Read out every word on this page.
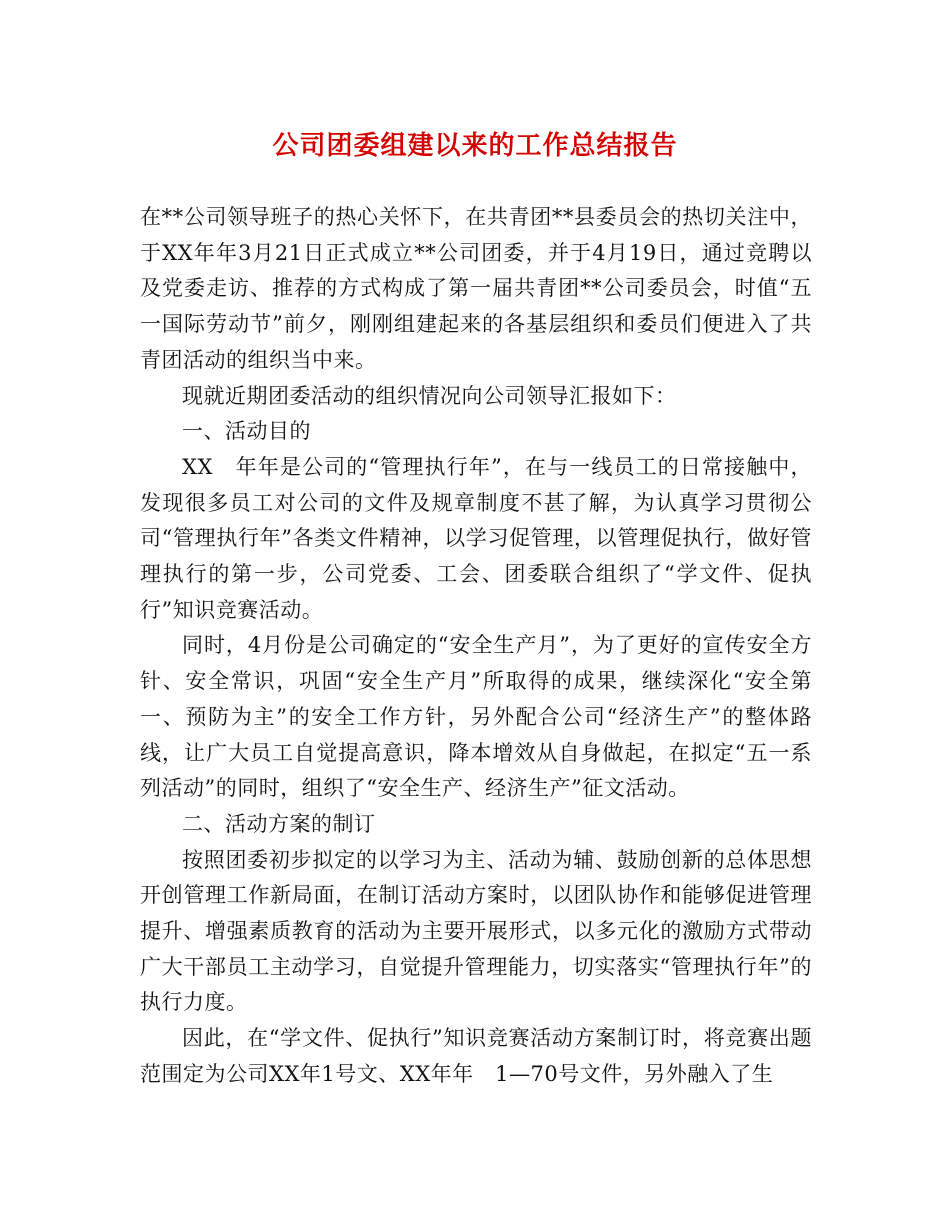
公司团委组建以来的工作总结报告

在**公司领导班子的热心关怀下，在共青团**县委员会的热切关注中，于XX年年3月21日正式成立**公司团委，并于4月19日，通过竞聘以及党委走访、推荐的方式构成了第一届共青团**公司委员会，时值“五一国际劳动节”前夕，刚刚组建起来的各基层组织和委员们便进入了共青团活动的组织当中来。

现就近期团委活动的组织情况向公司领导汇报如下：

一、活动目的

XX　年年是公司的“管理执行年”，在与一线员工的日常接触中，发现很多员工对公司的文件及规章制度不甚了解，为认真学习贯彻公司“管理执行年”各类文件精神，以学习促管理，以管理促执行，做好管理执行的第一步，公司党委、工会、团委联合组织了“学文件、促执行”知识竞赛活动。

同时，4月份是公司确定的“安全生产月”，为了更好的宣传安全方针、安全常识，巩固“安全生产月”所取得的成果，继续深化“安全第一、预防为主”的安全工作方针，另外配合公司“经济生产”的整体路线，让广大员工自觉提高意识，降本增效从自身做起，在拟定“五一系列活动”的同时，组织了“安全生产、经济生产”征文活动。

二、活动方案的制订

按照团委初步拟定的以学习为主、活动为辅、鼓励创新的总体思想开创管理工作新局面，在制订活动方案时，以团队协作和能够促进管理提升、增强素质教育的活动为主要开展形式，以多元化的激励方式带动广大干部员工主动学习，自觉提升管理能力，切实落实“管理执行年”的执行力度。

因此，在“学文件、促执行”知识竞赛活动方案制订时，将竞赛出题范围定为公司XX年1号文、XX年年　1—70号文件，另外融入了生
